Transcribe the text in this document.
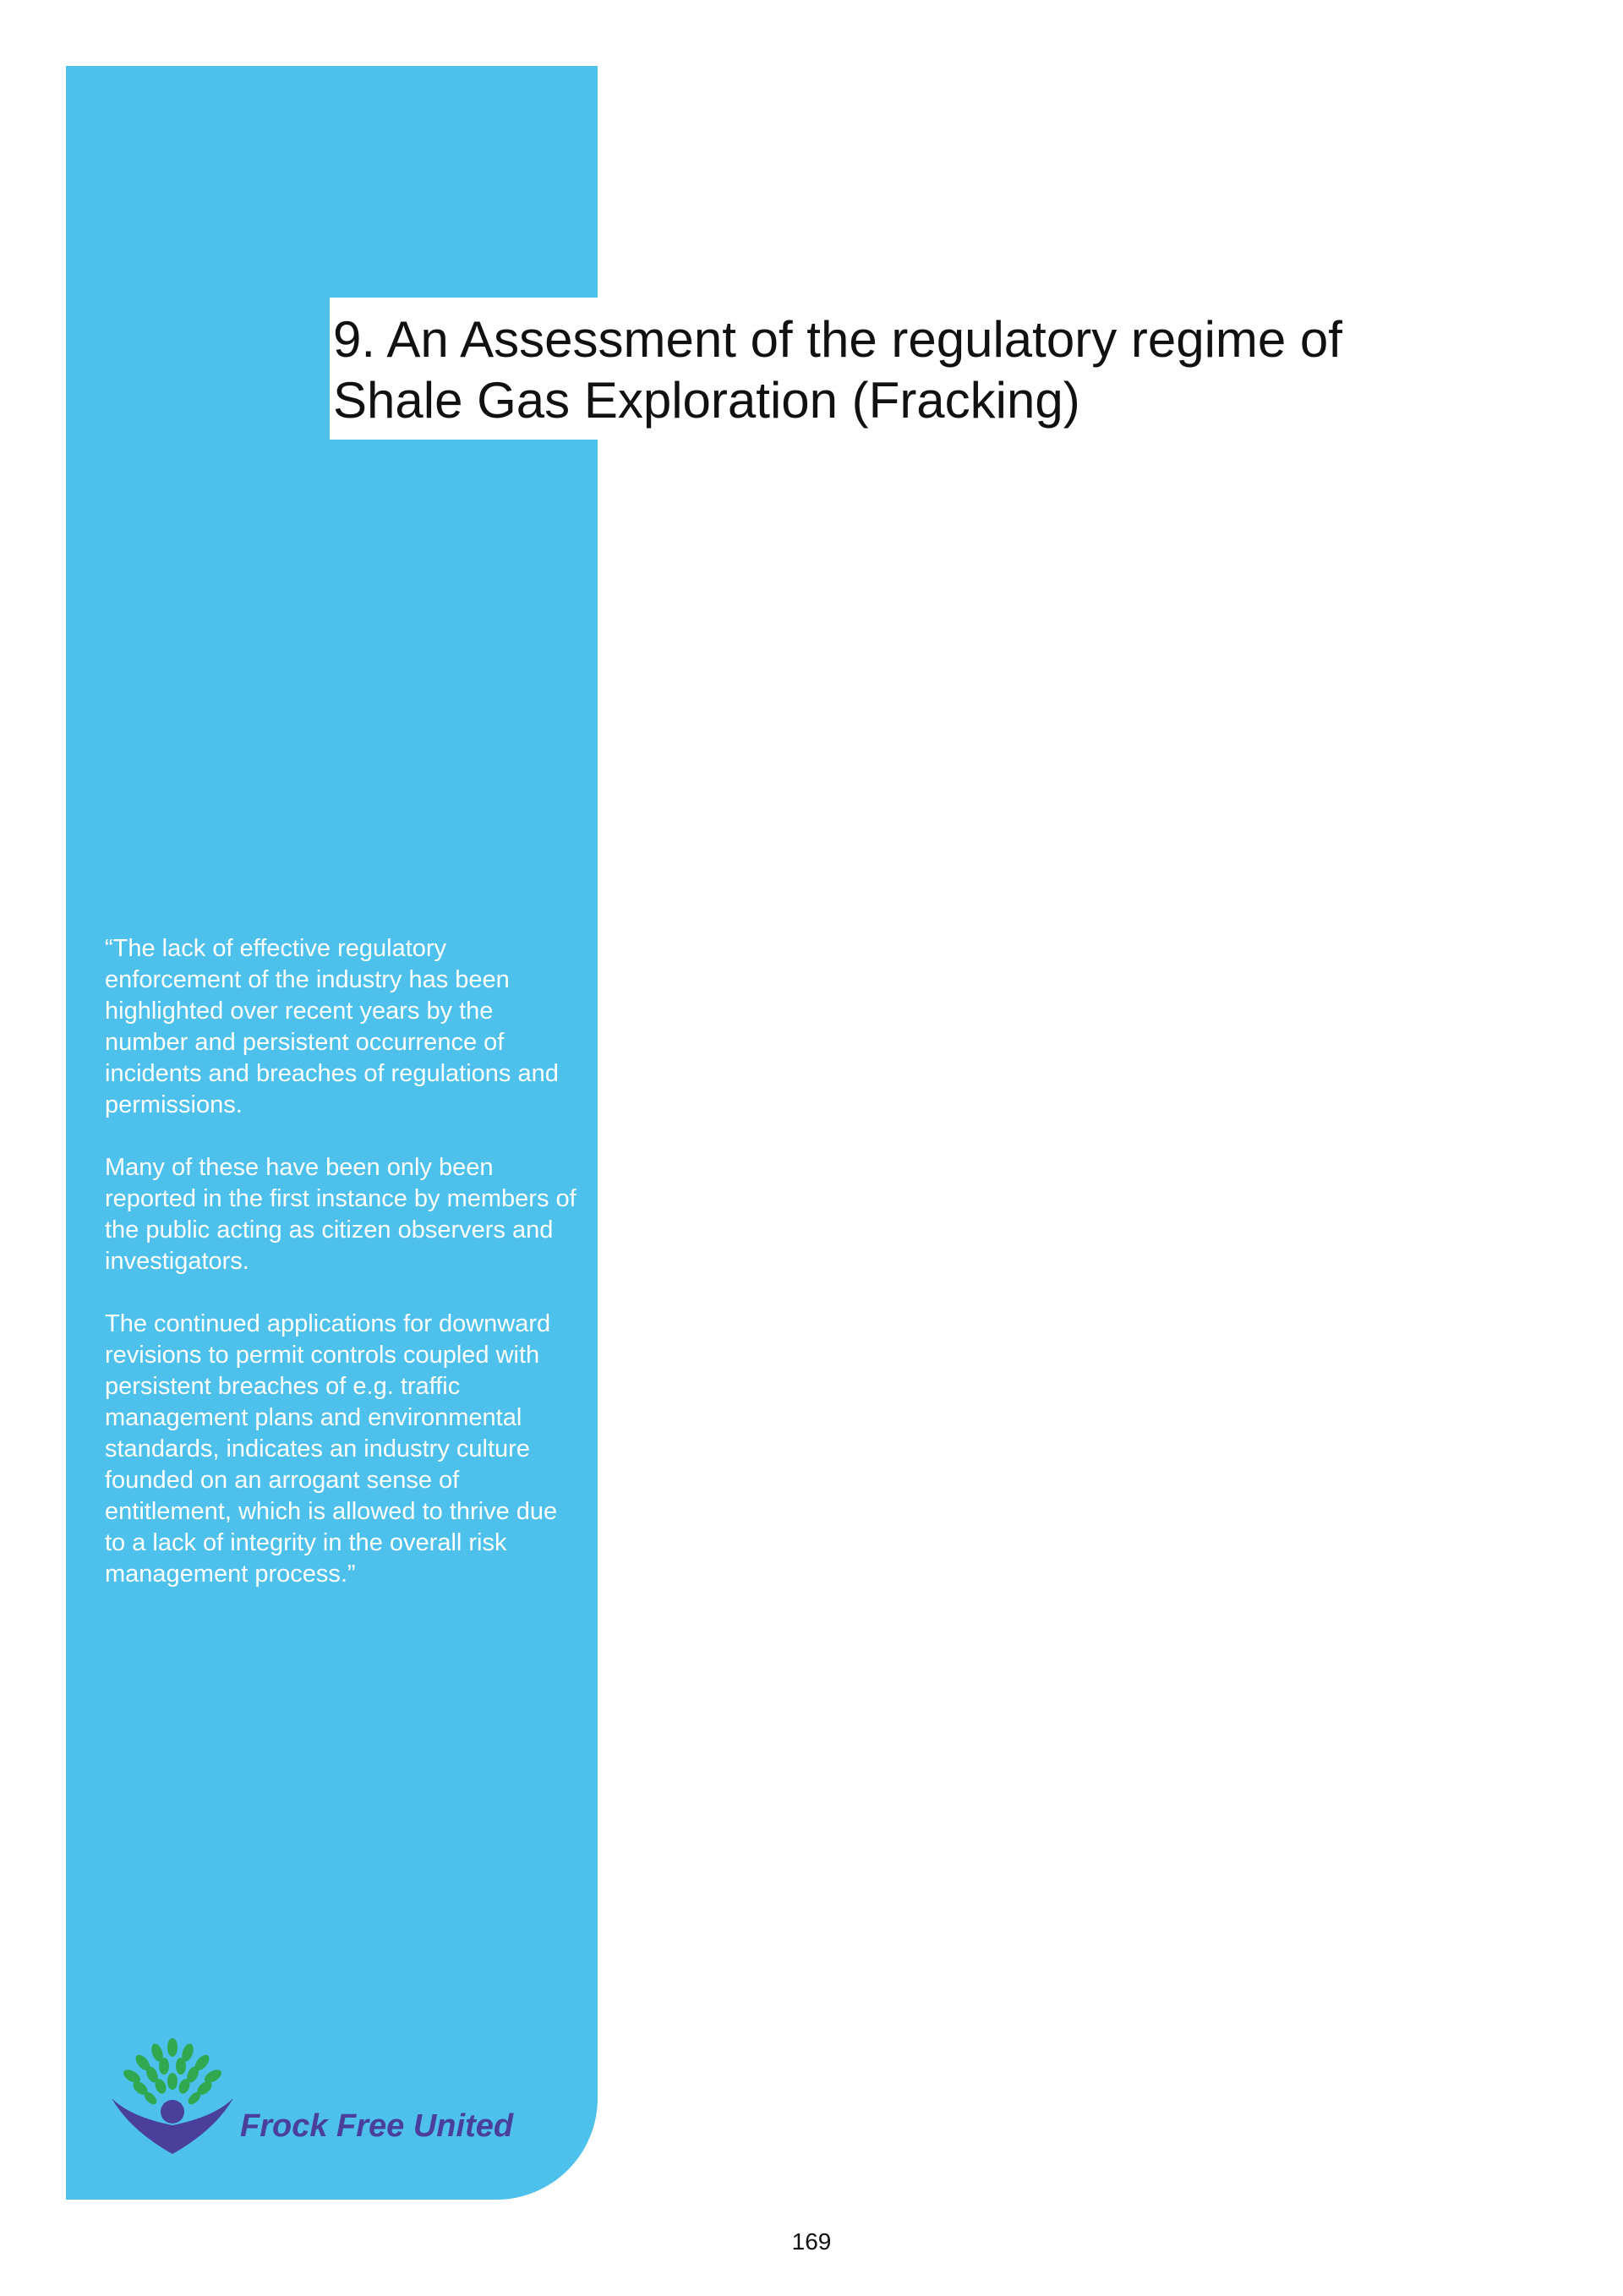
9. An Assessment of the regulatory regime of
Shale Gas Exploration (Fracking)

“The lack of effective regulatory enforcement of the industry has been highlighted over recent years by the number and persistent occurrence of incidents and breaches of regulations and permissions.

Many of these have been only been reported in the first instance by members of the public acting as citizen observers and investigators.

The continued applications for downward revisions to permit controls coupled with persistent breaches of e.g. traffic management plans and environmental standards, indicates an industry culture founded on an arrogant sense of entitlement, which is allowed to thrive due to a lack of integrity in the overall risk management process.”

Frock Free United
169
